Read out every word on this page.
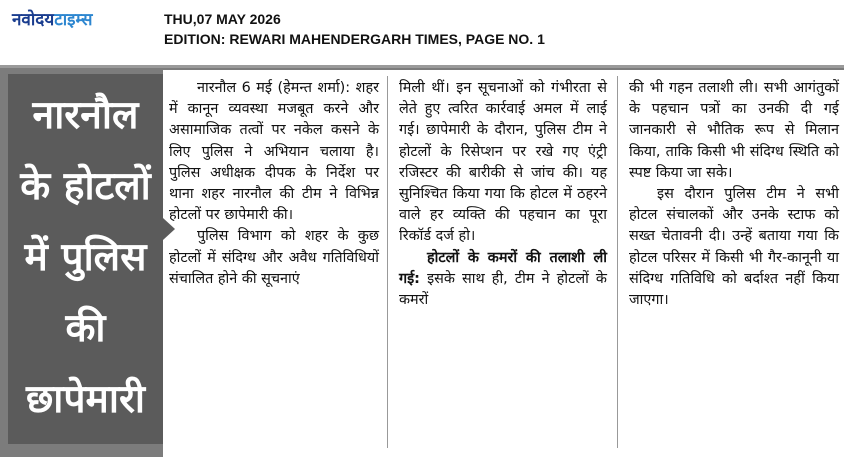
नवोदयटाइम्स	THU,07 MAY 2026
EDITION: REWARI MAHENDERGARH TIMES, PAGE NO. 1
नारनौल
के होटलों
में पुलिस
की
छापेमारी

नारनौल 6 मई (हेमन्त शर्मा): शहर में कानून व्यवस्था मजबूत करने और असामाजिक तत्वों पर नकेल कसने के लिए पुलिस ने अभियान चलाया है। पुलिस अधीक्षक दीपक के निर्देश पर थाना शहर नारनौल की टीम ने विभिन्न होटलों पर छापेमारी की।

पुलिस विभाग को शहर के कुछ होटलों में संदिग्ध और अवैध गतिविधियों संचालित होने की सूचनाएं

मिली थीं। इन सूचनाओं को गंभीरता से लेते हुए त्वरित कार्रवाई अमल में लाई गई। छापेमारी के दौरान, पुलिस टीम ने होटलों के रिसेप्शन पर रखे गए एंट्री रजिस्टर की बारीकी से जांच की। यह सुनिश्चित किया गया कि होटल में ठहरने वाले हर व्यक्ति की पहचान का पूरा रिकॉर्ड दर्ज हो।

होटलों के कमरों की तलाशी ली गई: इसके साथ ही, टीम ने होटलों के कमरों

की भी गहन तलाशी ली। सभी आगंतुकों के पहचान पत्रों का उनकी दी गई जानकारी से भौतिक रूप से मिलान किया, ताकि किसी भी संदिग्ध स्थिति को स्पष्ट किया जा सके।

इस दौरान पुलिस टीम ने सभी होटल संचालकों और उनके स्टाफ को सख्त चेतावनी दी। उन्हें बताया गया कि होटल परिसर में किसी भी गैर-कानूनी या संदिग्ध गतिविधि को बर्दाश्त नहीं किया जाएगा।
